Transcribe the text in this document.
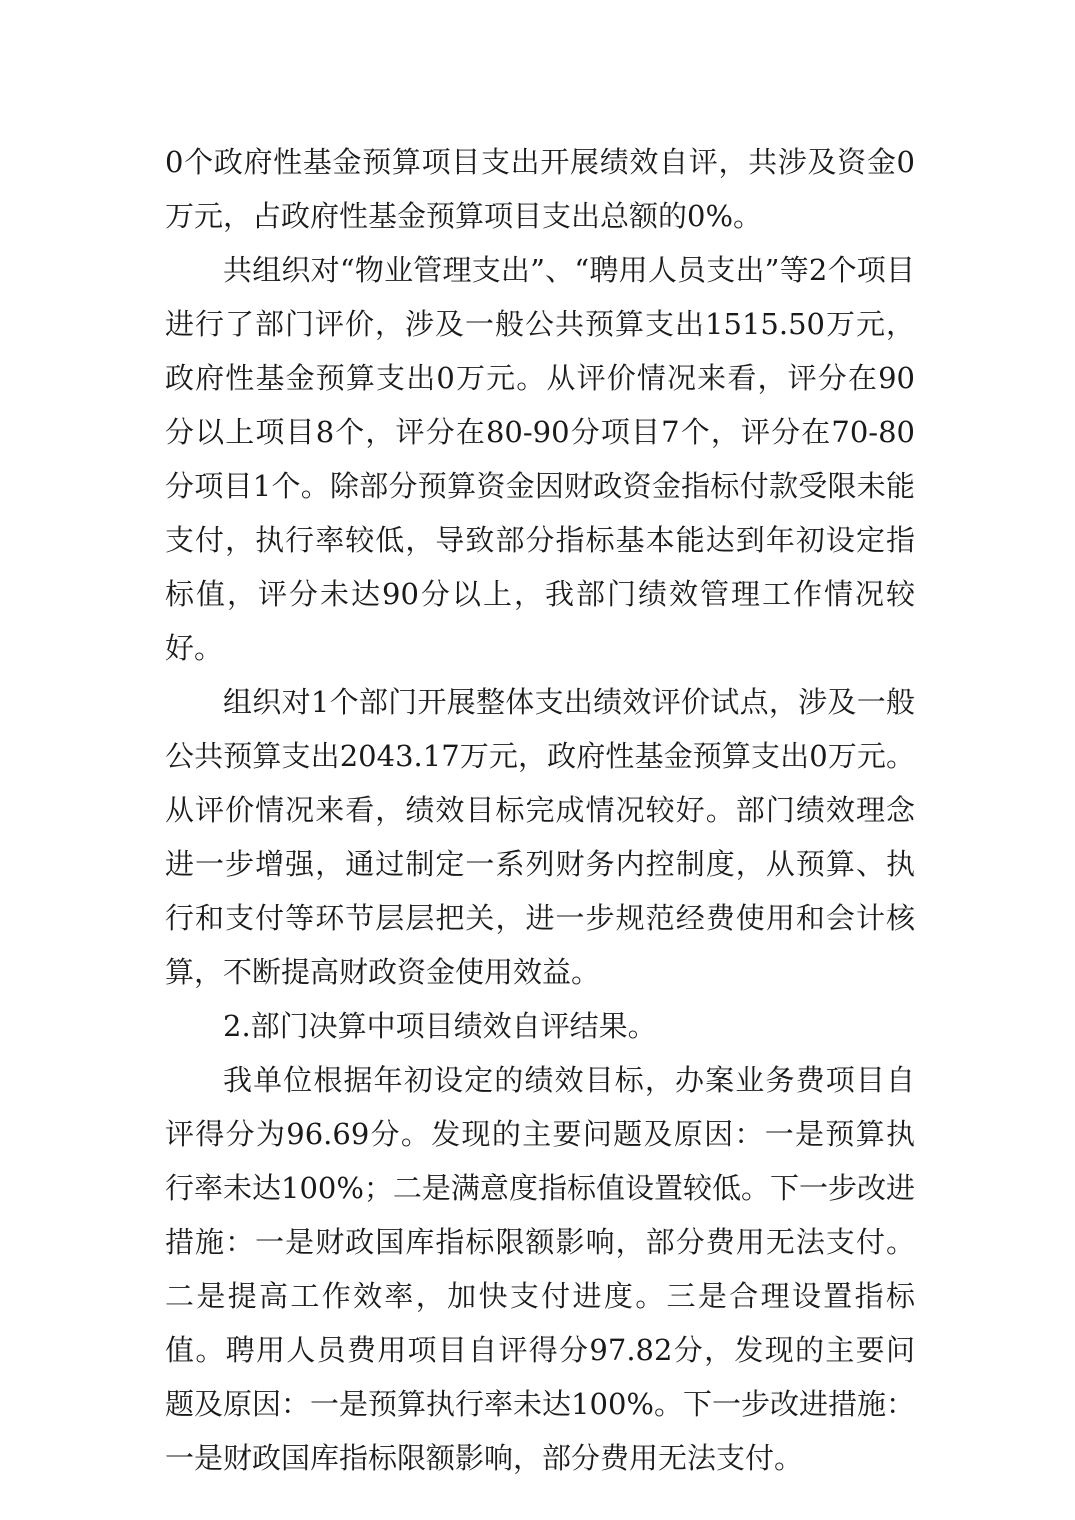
0个政府性基金预算项目支出开展绩效自评，共涉及资金0万元，占政府性基金预算项目支出总额的0%。

共组织对“物业管理支出”、“聘用人员支出”等2个项目进行了部门评价，涉及一般公共预算支出1515.50万元，政府性基金预算支出0万元。从评价情况来看，评分在90分以上项目8个，评分在80-90分项目7个，评分在70-80分项目1个。除部分预算资金因财政资金指标付款受限未能支付，执行率较低，导致部分指标基本能达到年初设定指标值，评分未达90分以上，我部门绩效管理工作情况较好。

组织对1个部门开展整体支出绩效评价试点，涉及一般公共预算支出2043.17万元，政府性基金预算支出0万元。从评价情况来看，绩效目标完成情况较好。部门绩效理念进一步增强，通过制定一系列财务内控制度，从预算、执行和支付等环节层层把关，进一步规范经费使用和会计核算，不断提高财政资金使用效益。

2.部门决算中项目绩效自评结果。

我单位根据年初设定的绩效目标，办案业务费项目自评得分为96.69分。发现的主要问题及原因：一是预算执行率未达100%；二是满意度指标值设置较低。下一步改进措施：一是财政国库指标限额影响，部分费用无法支付。二是提高工作效率，加快支付进度。三是合理设置指标值。聘用人员费用项目自评得分97.82分，发现的主要问题及原因：一是预算执行率未达100%。下一步改进措施：一是财政国库指标限额影响，部分费用无法支付。
